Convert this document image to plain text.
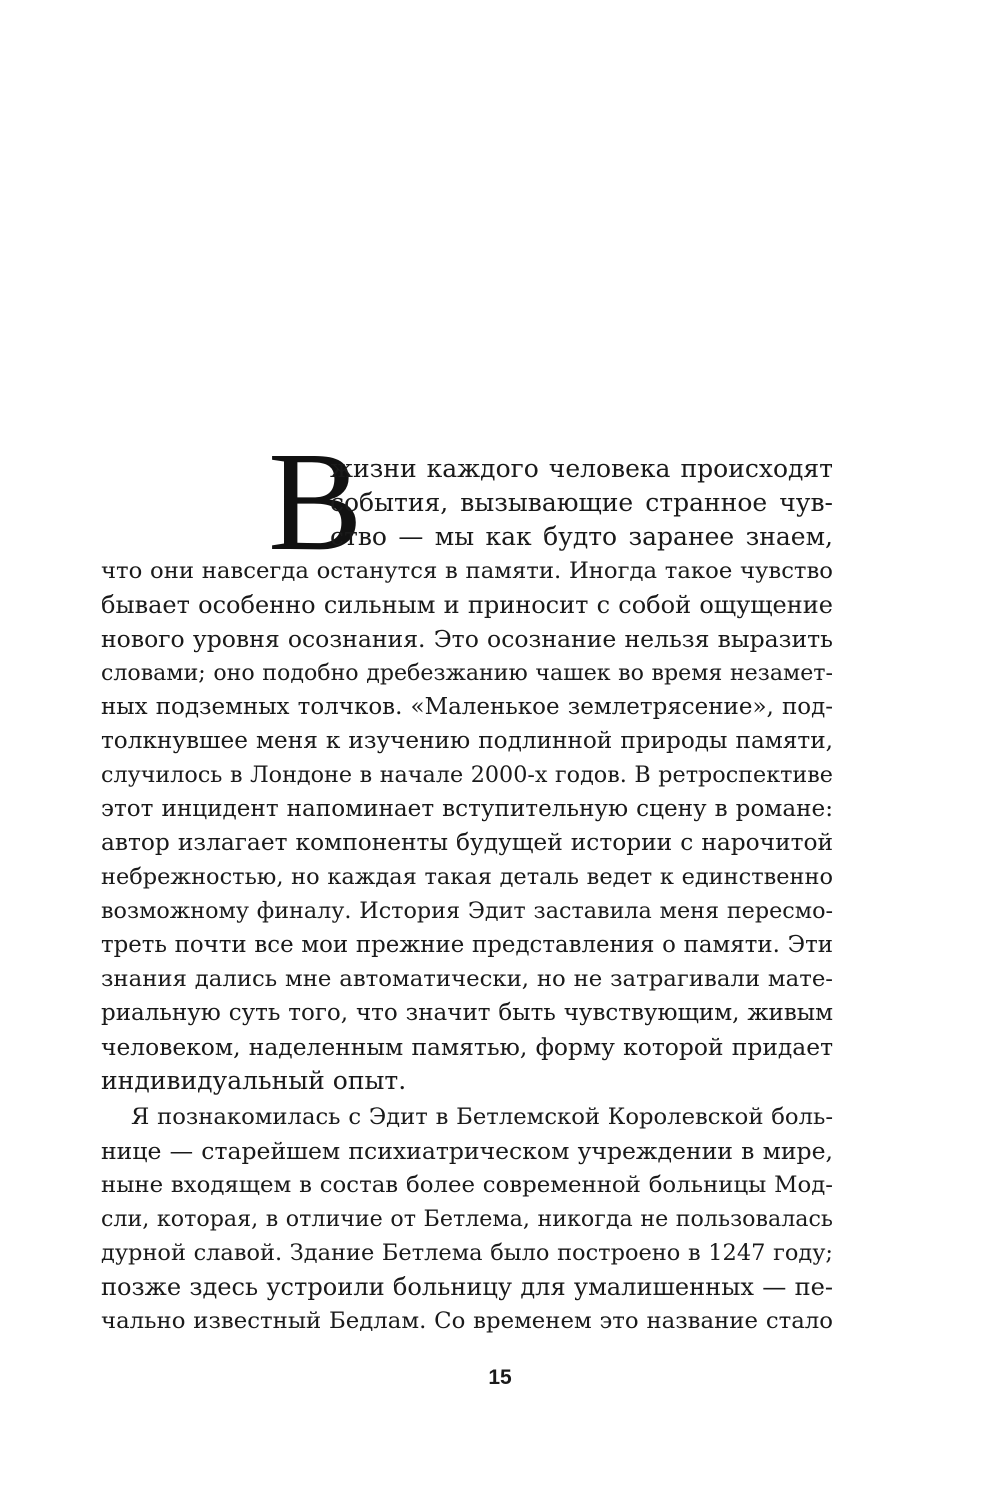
В
жизни каждого человека происходят
события, вызывающие странное чув-
ство — мы как будто заранее знаем,
что они навсегда останутся в памяти. Иногда такое чувство
бывает особенно сильным и приносит с собой ощущение
нового уровня осознания. Это осознание нельзя выразить
словами; оно подобно дребезжанию чашек во время незамет-
ных подземных толчков. «Маленькое землетрясение», под-
толкнувшее меня к изучению подлинной природы памяти,
случилось в Лондоне в начале 2000-х годов. В ретроспективе
этот инцидент напоминает вступительную сцену в романе:
автор излагает компоненты будущей истории с нарочитой
небрежностью, но каждая такая деталь ведет к единственно
возможному финалу. История Эдит заставила меня пересмо-
треть почти все мои прежние представления о памяти. Эти
знания дались мне автоматически, но не затрагивали мате-
риальную суть того, что значит быть чувствующим, живым
человеком, наделенным памятью, форму которой придает
индивидуальный опыт.
Я познакомилась с Эдит в Бетлемской Королевской боль-
нице — старейшем психиатрическом учреждении в мире,
ныне входящем в состав более современной больницы Мод-
сли, которая, в отличие от Бетлема, никогда не пользовалась
дурной славой. Здание Бетлема было построено в 1247 году;
позже здесь устроили больницу для умалишенных — пе-
чально известный Бедлам. Со временем это название стало
15
